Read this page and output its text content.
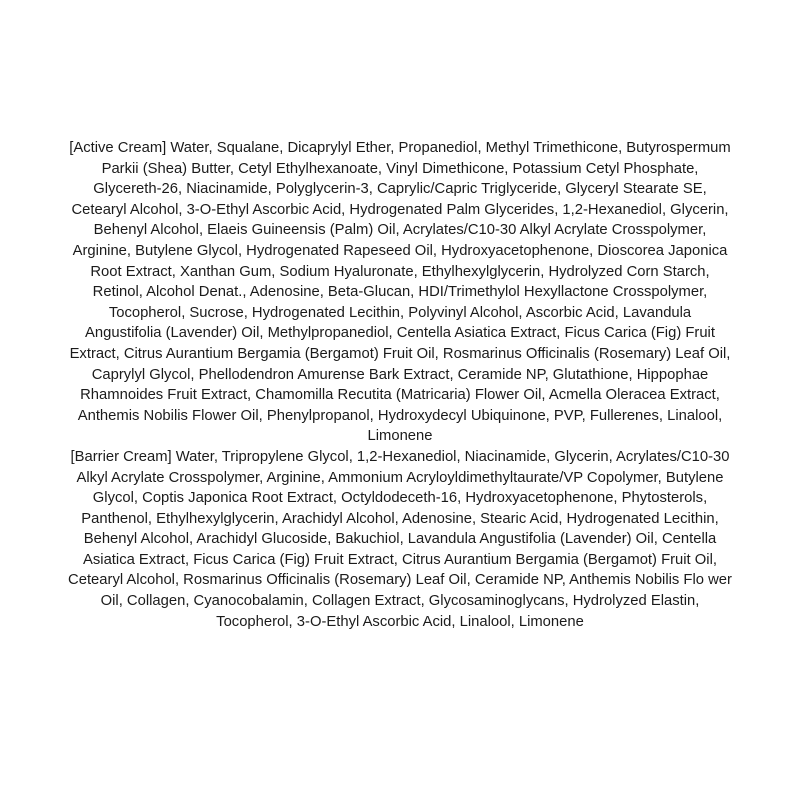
[Active Cream] Water, Squalane, Dicaprylyl Ether, Propanediol, Methyl Trimethicone, Butyrospermum
Parkii (Shea) Butter, Cetyl Ethylhexanoate, Vinyl Dimethicone, Potassium Cetyl Phosphate,
Glycereth-26, Niacinamide, Polyglycerin-3, Caprylic/Capric Triglyceride, Glyceryl Stearate SE,
Cetearyl Alcohol, 3-O-Ethyl Ascorbic Acid, Hydrogenated Palm Glycerides, 1,2-Hexanediol, Glycerin,
Behenyl Alcohol, Elaeis Guineensis (Palm) Oil, Acrylates/C10-30 Alkyl Acrylate Crosspolymer,
Arginine, Butylene Glycol, Hydrogenated Rapeseed Oil, Hydroxyacetophenone, Dioscorea Japonica
Root Extract, Xanthan Gum, Sodium Hyaluronate, Ethylhexylglycerin, Hydrolyzed Corn Starch,
Retinol, Alcohol Denat., Adenosine, Beta-Glucan, HDI/Trimethylol Hexyllactone Crosspolymer,
Tocopherol, Sucrose, Hydrogenated Lecithin, Polyvinyl Alcohol, Ascorbic Acid, Lavandula
Angustifolia (Lavender) Oil, Methylpropanediol, Centella Asiatica Extract, Ficus Carica (Fig) Fruit
Extract, Citrus Aurantium Bergamia (Bergamot) Fruit Oil, Rosmarinus Officinalis (Rosemary) Leaf Oil,
Caprylyl Glycol, Phellodendron Amurense Bark Extract, Ceramide NP, Glutathione, Hippophae
Rhamnoides Fruit Extract, Chamomilla Recutita (Matricaria) Flower Oil, Acmella Oleracea Extract,
Anthemis Nobilis Flower Oil, Phenylpropanol, Hydroxydecyl Ubiquinone, PVP, Fullerenes, Linalool,
Limonene
[Barrier Cream] Water, Tripropylene Glycol, 1,2-Hexanediol, Niacinamide, Glycerin, Acrylates/C10-30
Alkyl Acrylate Crosspolymer, Arginine, Ammonium Acryloyldimethyltaurate/VP Copolymer, Butylene
Glycol, Coptis Japonica Root Extract, Octyldodeceth-16, Hydroxyacetophenone, Phytosterols,
Panthenol, Ethylhexylglycerin, Arachidyl Alcohol, Adenosine, Stearic Acid, Hydrogenated Lecithin,
Behenyl Alcohol, Arachidyl Glucoside, Bakuchiol, Lavandula Angustifolia (Lavender) Oil, Centella
Asiatica Extract, Ficus Carica (Fig) Fruit Extract, Citrus Aurantium Bergamia (Bergamot) Fruit Oil,
Cetearyl Alcohol, Rosmarinus Officinalis (Rosemary) Leaf Oil, Ceramide NP, Anthemis Nobilis Flo wer
Oil, Collagen, Cyanocobalamin, Collagen Extract, Glycosaminoglycans, Hydrolyzed Elastin,
Tocopherol, 3-O-Ethyl Ascorbic Acid, Linalool, Limonene
